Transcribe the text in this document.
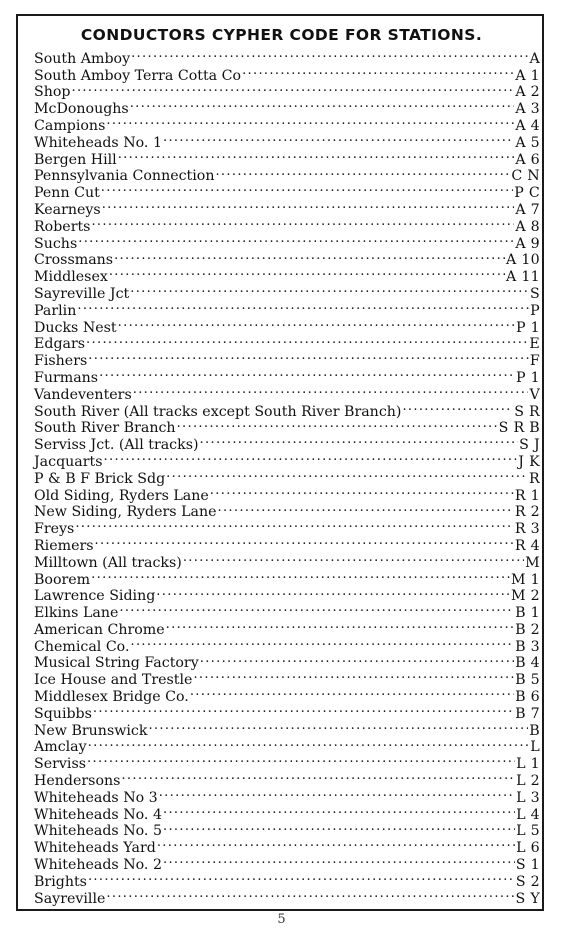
CONDUCTORS CYPHER CODE FOR STATIONS.
South Amboy . . .	A
South Amboy Terra Cotta Co . . .	A 1
Shop . . .	A 2
McDonoughs . . .	A 3
Campions . . .	A 4
Whiteheads No. 1 . . .	A 5
Bergen Hill . . .	A 6
Pennsylvania Connection . . .	C N
Penn Cut . . .	P C
Kearneys . . .	A 7
Roberts . . .	A 8
Suchs . . .	A 9
Crossmans . . .	A 10
Middlesex . . .	A 11
Sayreville Jct . . .	S
Parlin . . .	P
Ducks Nest . . .	P 1
Edgars . . .	E
Fishers . . .	F
Furmans . . .	P 1
Vandeventers . . .	V
South River (All tracks except South River Branch) . . .	S R
South River Branch . . .	S R B
Serviss Jct. (All tracks) . . .	S J
Jacquarts . . .	J K
P & B F Brick Sdg . . .	R
Old Siding, Ryders Lane . . .	R 1
New Siding, Ryders Lane . . .	R 2
Freys . . .	R 3
Riemers . . .	R 4
Milltown (All tracks) . . .	M
Boorem . . .	M 1
Lawrence Siding . . .	M 2
Elkins Lane . . .	B 1
American Chrome . . .	B 2
Chemical Co. . . .	B 3
Musical String Factory . . .	B 4
Ice House and Trestle . . .	B 5
Middlesex Bridge Co. . . .	B 6
Squibbs . . .	B 7
New Brunswick . . .	B
Amclay . . .	L
Serviss . . .	L 1
Hendersons . . .	L 2
Whiteheads No 3 . . .	L 3
Whiteheads No. 4 . . .	L 4
Whiteheads No. 5 . . .	L 5
Whiteheads Yard . . .	L 6
Whiteheads No. 2 . . .	S 1
Brights . . .	S 2
Sayreville . . .	S Y
5
